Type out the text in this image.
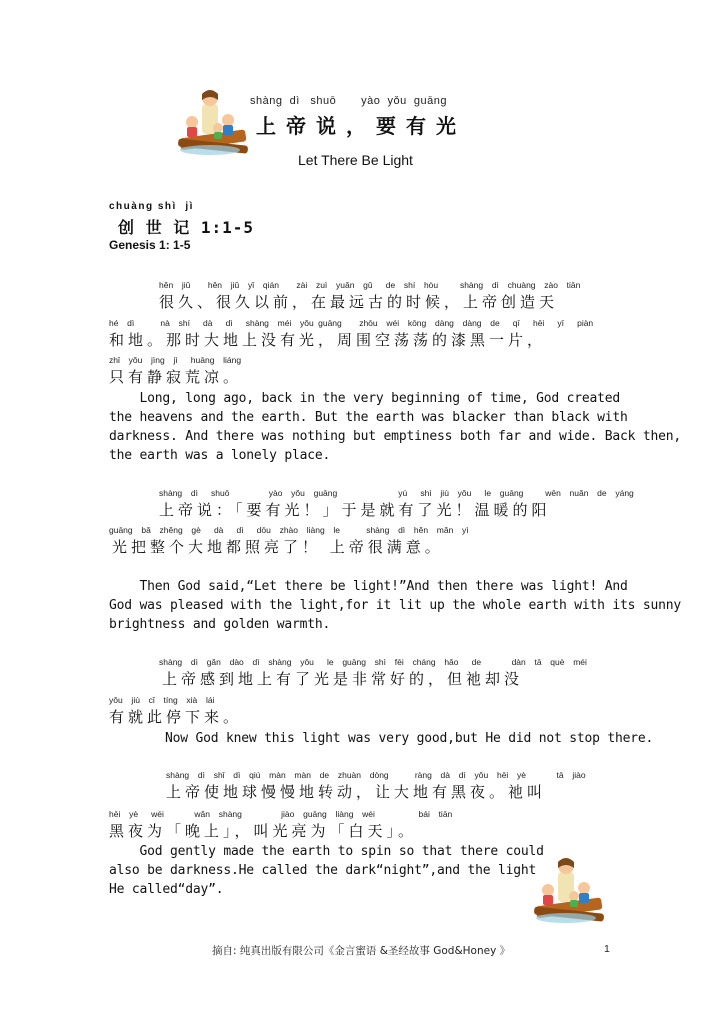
shàng  dì   shuō       yào  yǒu  guāng
上帝说，要有光
Let There Be Light
chuàng shì  jì
创 世 记 1:1-5
Genesis 1: 1-5
hěn  jiǔ    hěn  jiǔ  yǐ  qián    zài  zuì  yuǎn  gǔ   de  shí  hòu     shàng  dì  chuàng  zào  tiān
很久、很久以前，在最远古的时候，上帝创造天
hé  dì      nà  shí   dà   dì   shàng  méi  yǒu guāng    zhōu  wéi  kōng  dàng  dàng  de   qī   hēi   yī   piàn
和地。那时大地上没有光，周围空荡荡的漆黑一片，
zhǐ  yǒu  jìng  jì   huāng  liáng
只有静寂荒凉。
Long, long ago, back in the very beginning of time, God created
the heavens and the earth. But the earth was blacker than black with
darkness. And there was nothing but emptiness both far and wide. Back then,
the earth was a lonely place.
shàng  dì   shuō         yào  yǒu  guāng              yú   shì  jiù  yǒu   le  guāng     wēn  nuǎn  de  yáng
上帝说：「要有光！」于是就有了光！温暖的阳
guāng  bǎ  zhěng  gè   dà   dì   dōu  zhào  liàng  le      shàng  dì  hěn  mǎn  yì
光把整个大地都照亮了！ 上帝很满意。
Then God said,“Let there be light!”And then there was light! And
God was pleased with the light,for it lit up the whole earth with its sunny
brightness and golden warmth.
shàng  dì  gǎn  dào  dì  shàng  yǒu   le  guāng  shì  fēi  cháng  hǎo   de       dàn  tā  què  méi
上帝感到地上有了光是非常好的，但祂却没
yǒu  jiù  cǐ  tíng  xià  lái
有就此停下来。
Now God knew this light was very good,but He did not stop there.
shàng  dì  shǐ  dì  qiú  màn  màn  de  zhuàn  dòng      ràng  dà  dì  yǒu  hēi  yè       tā  jiào
上帝使地球慢慢地转动，让大地有黑夜。祂叫
hēi  yè   wéi       wǎn  shàng         jiào  guāng  liàng  wéi          bái  tiān
黑夜为「晚上」，叫光亮为「白天」。
God gently made the earth to spin so that there could
also be darkness.He called the dark“night”,and the light
He called“day”.
摘自: 纯真出版有限公司《金言蜜语 &圣经故事 God&Honey 》	1
